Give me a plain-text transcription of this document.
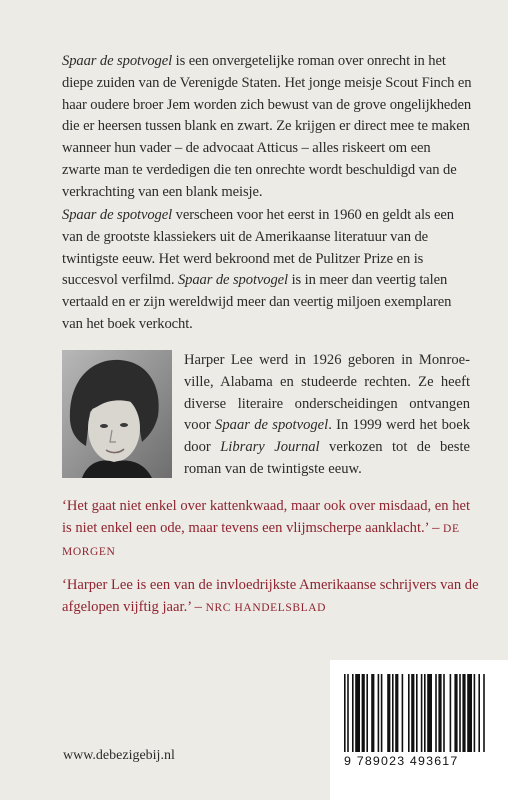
Spaar de spotvogel is een onvergetelijke roman over onrecht in het diepe zuiden van de Verenigde Staten. Het jonge meisje Scout Finch en haar oudere broer Jem worden zich bewust van de grove ongelijkheden die er heersen tussen blank en zwart. Ze krijgen er direct mee te maken wanneer hun vader – de advocaat Atticus – alles riskeert om een zwarte man te verdedigen die ten onrechte wordt beschuldigd van de verkrachting van een blank meisje.

Spaar de spotvogel verscheen voor het eerst in 1960 en geldt als een van de grootste klassiekers uit de Amerikaanse literatuur van de twintigste eeuw. Het werd bekroond met de Pulitzer Prize en is succesvol verfilmd. Spaar de spotvogel is in meer dan veertig talen vertaald en er zijn wereldwijd meer dan veertig miljoen exemplaren van het boek verkocht.

Harper Lee werd in 1926 geboren in Monroeville, Alabama en studeerde rechten. Ze heeft diverse literaire onderscheidingen ontvangen voor Spaar de spotvogel. In 1999 werd het boek door Library Journal verkozen tot de beste roman van de twintigste eeuw.

‘Het gaat niet enkel over kattenkwaad, maar ook over misdaad, en het is niet enkel een ode, maar tevens een vlijmscherpe aanklacht.’ – DE MORGEN

‘Harper Lee is een van de invloedrijkste Amerikaanse schrijvers van de afgelopen vijftig jaar.’ – NRC HANDELSBLAD

www.debezigebij.nl	9 789023 493617
